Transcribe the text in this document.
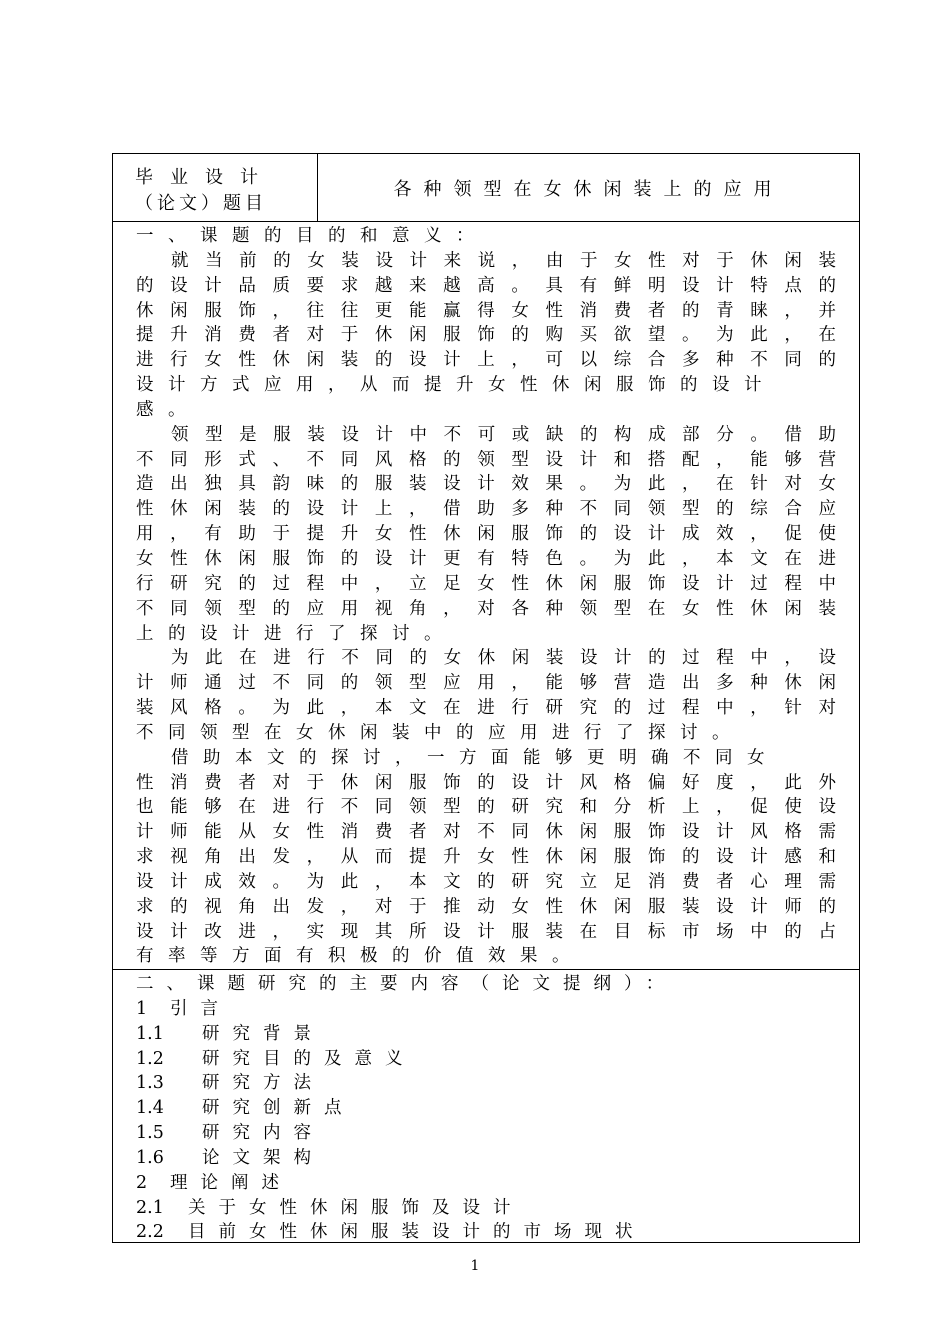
毕业设计
（论文）题目
各种领型在女休闲装上的应用
一、课题的目的和意义：
就 当 前 的 女 装 设 计 来 说 ， 由 于 女 性 对 于 休 闲 装
的 设 计 品 质 要 求 越 来 越 高 。 具 有 鲜 明 设 计 特 点 的
休 闲 服 饰 ， 往 往 更 能 赢 得 女 性 消 费 者 的 青 睐 ， 并
提 升 消 费 者 对 于 休 闲 服 饰 的 购 买 欲 望 。 为 此 ， 在
进 行 女 性 休 闲 装 的 设 计 上 ， 可 以 综 合 多 种 不 同 的
设计方式应用，从而提升女性休闲服饰的设计
感。
领 型 是 服 装 设 计 中 不 可 或 缺 的 构 成 部 分 。 借 助
不 同 形 式 、 不 同 风 格 的 领 型 设 计 和 搭 配 ， 能 够 营
造 出 独 具 韵 味 的 服 装 设 计 效 果 。 为 此 ， 在 针 对 女
性 休 闲 装 的 设 计 上 ， 借 助 多 种 不 同 领 型 的 综 合 应
用 ， 有 助 于 提 升 女 性 休 闲 服 饰 的 设 计 成 效 ， 促 使
女 性 休 闲 服 饰 的 设 计 更 有 特 色 。 为 此 ， 本 文 在 进
行 研 究 的 过 程 中 ， 立 足 女 性 休 闲 服 饰 设 计 过 程 中
不 同 领 型 的 应 用 视 角 ， 对 各 种 领 型 在 女 性 休 闲 装
上的设计进行了探讨。
为 此 在 进 行 不 同 的 女 休 闲 装 设 计 的 过 程 中 ， 设
计 师 通 过 不 同 的 领 型 应 用 ， 能 够 营 造 出 多 种 休 闲
装 风 格 。 为 此 ， 本 文 在 进 行 研 究 的 过 程 中 ， 针 对
不同领型在女休闲装中的应用进行了探讨。
借助本文的探讨，一方面能够更明确不同女
性 消 费 者 对 于 休 闲 服 饰 的 设 计 风 格 偏 好 度 ， 此 外
也 能 够 在 进 行 不 同 领 型 的 研 究 和 分 析 上 ， 促 使 设
计 师 能 从 女 性 消 费 者 对 不 同 休 闲 服 饰 设 计 风 格 需
求 视 角 出 发 ， 从 而 提 升 女 性 休 闲 服 饰 的 设 计 感 和
设 计 成 效 。 为 此 ， 本 文 的 研 究 立 足 消 费 者 心 理 需
求 的 视 角 出 发 ， 对 于 推 动 女 性 休 闲 服 装 设 计 师 的
设 计 改 进 ， 实 现 其 所 设 计 服 装 在 目 标 市 场 中 的 占
有率等方面有积极的价值效果。
二、课题研究的主要内容（论文提纲）：
1	引言
1.1	研究背景
1.2	研究目的及意义
1.3	研究方法
1.4	研究创新点
1.5	研究内容
1.6	论文架构
2	理论阐述
2.1	关于女性休闲服饰及设计
2.2	目前女性休闲服装设计的市场现状
1
